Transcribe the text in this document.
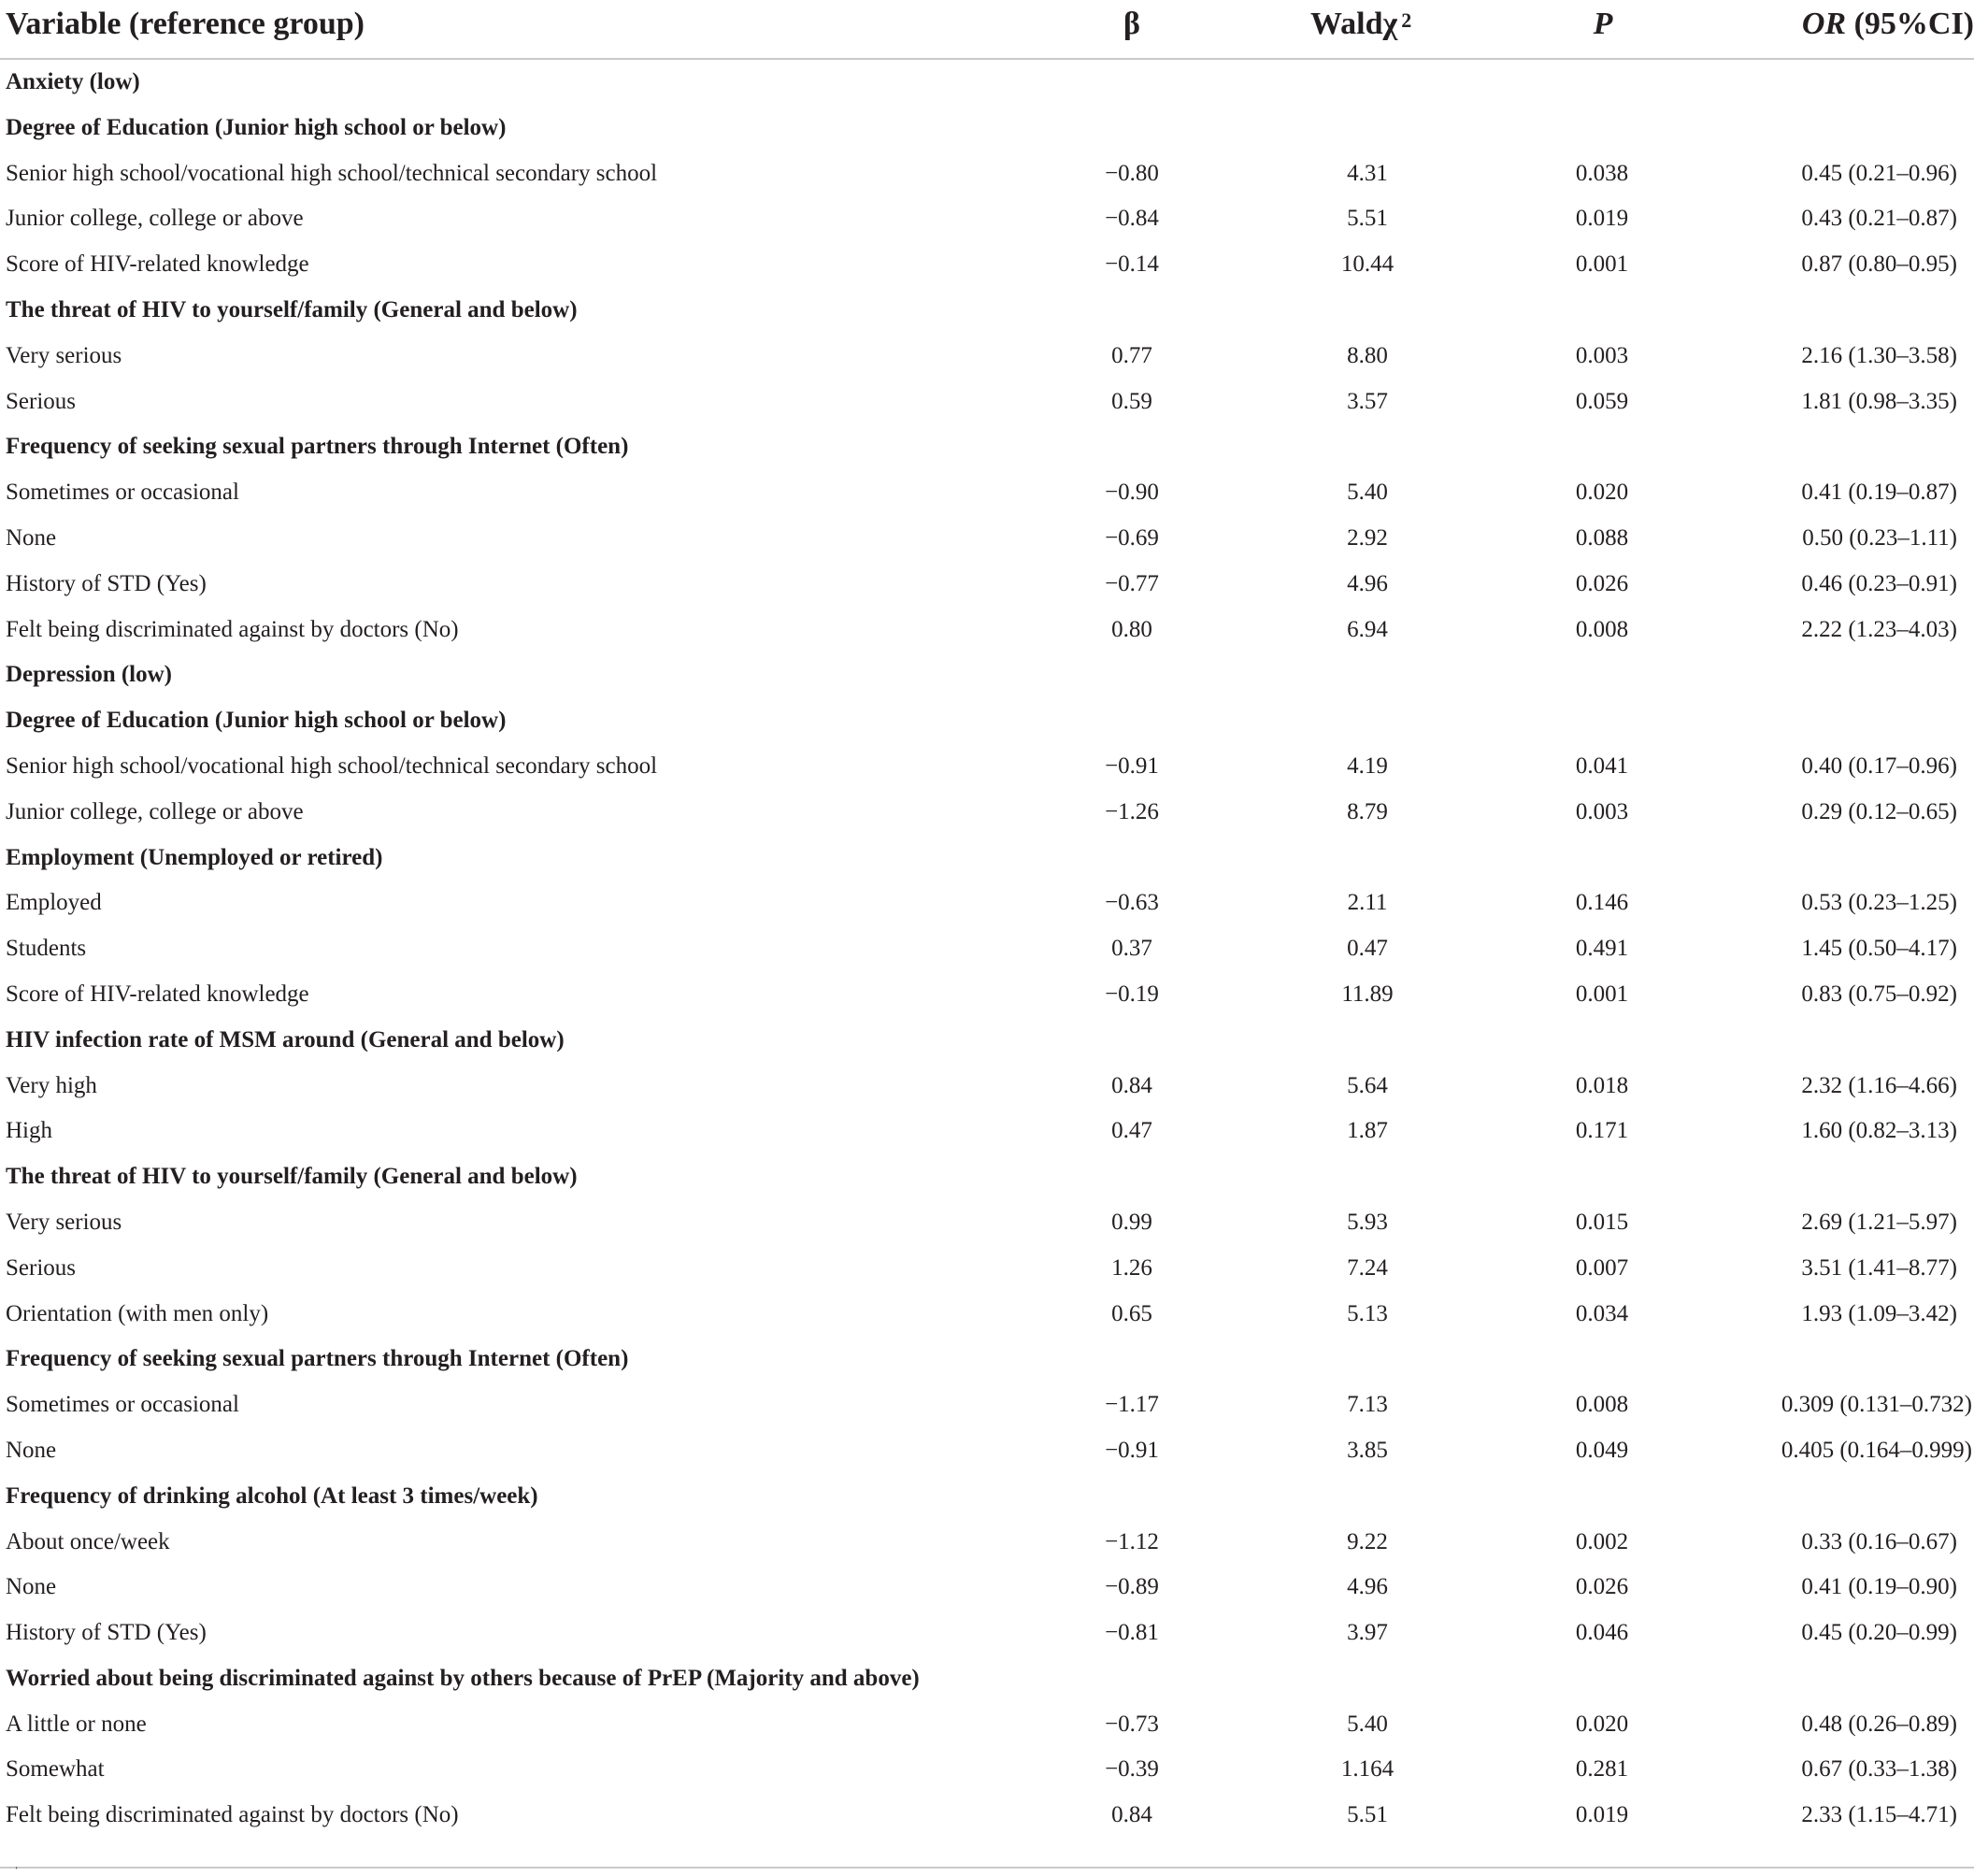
Variable (reference group)	β	Waldχ $^2$	P	OR (95%CI)
Anxiety (low)
Degree of Education (Junior high school or below)
Senior high school/vocational high school/technical secondary school	−0.80	4.31	0.038	0.45 (0.21–0.96)
Junior college, college or above	−0.84	5.51	0.019	0.43 (0.21–0.87)
Score of HIV-related knowledge	−0.14	10.44	0.001	0.87 (0.80–0.95)
The threat of HIV to yourself/family (General and below)
Very serious	0.77	8.80	0.003	2.16 (1.30–3.58)
Serious	0.59	3.57	0.059	1.81 (0.98–3.35)
Frequency of seeking sexual partners through Internet (Often)
Sometimes or occasional	−0.90	5.40	0.020	0.41 (0.19–0.87)
None	−0.69	2.92	0.088	0.50 (0.23–1.11)
History of STD (Yes)	−0.77	4.96	0.026	0.46 (0.23–0.91)
Felt being discriminated against by doctors (No)	0.80	6.94	0.008	2.22 (1.23–4.03)
Depression (low)
Degree of Education (Junior high school or below)
Senior high school/vocational high school/technical secondary school	−0.91	4.19	0.041	0.40 (0.17–0.96)
Junior college, college or above	−1.26	8.79	0.003	0.29 (0.12–0.65)
Employment (Unemployed or retired)
Employed	−0.63	2.11	0.146	0.53 (0.23–1.25)
Students	0.37	0.47	0.491	1.45 (0.50–4.17)
Score of HIV-related knowledge	−0.19	11.89	0.001	0.83 (0.75–0.92)
HIV infection rate of MSM around (General and below)
Very high	0.84	5.64	0.018	2.32 (1.16–4.66)
High	0.47	1.87	0.171	1.60 (0.82–3.13)
The threat of HIV to yourself/family (General and below)
Very serious	0.99	5.93	0.015	2.69 (1.21–5.97)
Serious	1.26	7.24	0.007	3.51 (1.41–8.77)
Orientation (with men only)	0.65	5.13	0.034	1.93 (1.09–3.42)
Frequency of seeking sexual partners through Internet (Often)
Sometimes or occasional	−1.17	7.13	0.008	0.309 (0.131–0.732)
None	−0.91	3.85	0.049	0.405 (0.164–0.999)
Frequency of drinking alcohol (At least 3 times/week)
About once/week	−1.12	9.22	0.002	0.33 (0.16–0.67)
None	−0.89	4.96	0.026	0.41 (0.19–0.90)
History of STD (Yes)	−0.81	3.97	0.046	0.45 (0.20–0.99)
Worried about being discriminated against by others because of PrEP (Majority and above)
A little or none	−0.73	5.40	0.020	0.48 (0.26–0.89)
Somewhat	−0.39	1.164	0.281	0.67 (0.33–1.38)
Felt being discriminated against by doctors (No)	0.84	5.51	0.019	2.33 (1.15–4.71)
ʻ
